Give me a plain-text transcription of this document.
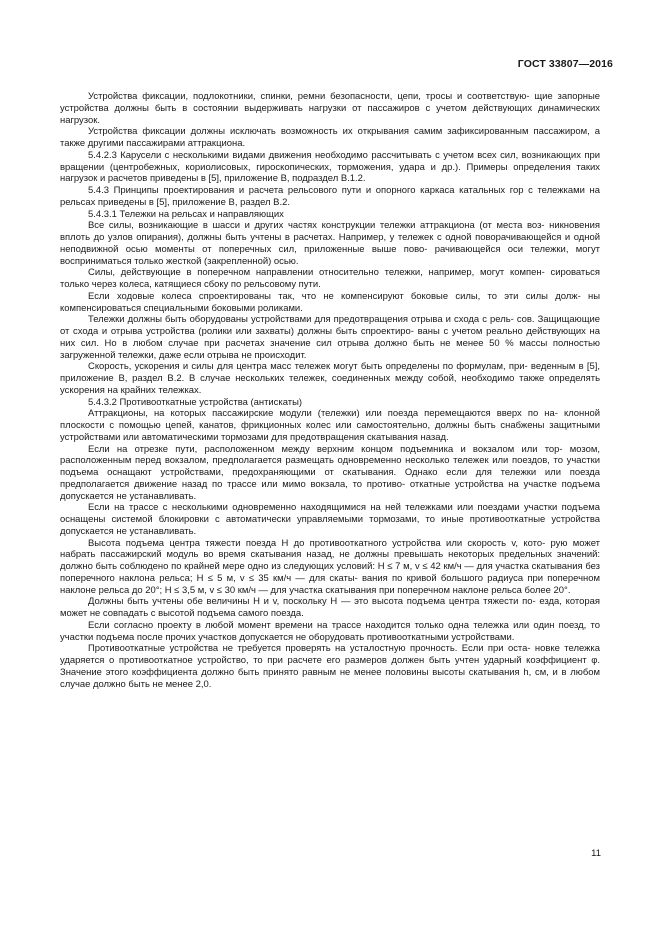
ГОСТ 33807—2016

Устройства фиксации, подлокотники, спинки, ремни безопасности, цепи, тросы и соответствую- щие запорные устройства должны быть в состоянии выдерживать нагрузки от пассажиров с учетом действующих динамических нагрузок.

Устройства фиксации должны исключать возможность их открывания самим зафиксированным пассажиром, а также другими пассажирами аттракциона.

5.4.2.3 Карусели с несколькими видами движения необходимо рассчитывать с учетом всех сил, возникающих при вращении (центробежных, кориолисовых, гироскопических, торможения, удара и др.). Примеры определения таких нагрузок и расчетов приведены в [5], приложение В, подраздел В.1.2.

5.4.3 Принципы проектирования и расчета рельсового пути и опорного каркаса катальных гор с тележками на рельсах приведены в [5], приложение В, раздел В.2.

5.4.3.1 Тележки на рельсах и направляющих

Все силы, возникающие в шасси и других частях конструкции тележки аттракциона (от места воз- никновения вплоть до узлов опирания), должны быть учтены в расчетах. Например, у тележек с одной поворачивающейся и одной неподвижной осью моменты от поперечных сил, приложенные выше пово- рачивающейся оси тележки, могут восприниматься только жесткой (закрепленной) осью.

Силы, действующие в поперечном направлении относительно тележки, например, могут компен- сироваться только через колеса, катящиеся сбоку по рельсовому пути.

Если ходовые колеса спроектированы так, что не компенсируют боковые силы, то эти силы долж- ны компенсироваться специальными боковыми роликами.

Тележки должны быть оборудованы устройствами для предотвращения отрыва и схода с рель- сов. Защищающие от схода и отрыва устройства (ролики или захваты) должны быть спроектиро- ваны с учетом реально действующих на них сил. Но в любом случае при расчетах значение сил отрыва должно быть не менее 50 % массы полностью загруженной тележки, даже если отрыва не происходит.

Скорость, ускорения и силы для центра масс тележек могут быть определены по формулам, при- веденным в [5], приложение В, раздел В.2. В случае нескольких тележек, соединенных между собой, необходимо также определять ускорения на крайних тележках.

5.4.3.2 Противооткатные устройства (антискаты)

Аттракционы, на которых пассажирские модули (тележки) или поезда перемещаются вверх по на- клонной плоскости с помощью цепей, канатов, фрикционных колес или самостоятельно, должны быть снабжены защитными устройствами или автоматическими тормозами для предотвращения скатывания назад.

Если на отрезке пути, расположенном между верхним концом подъемника и вокзалом или тор- мозом, расположенным перед вокзалом, предполагается размещать одновременно несколько тележек или поездов, то участки подъема оснащают устройствами, предохраняющими от скатывания. Однако если для тележки или поезда предполагается движение назад по трассе или мимо вокзала, то противо- откатные устройства на участке подъема допускается не устанавливать.

Если на трассе с несколькими одновременно находящимися на ней тележками или поездами участки подъема оснащены системой блокировки с автоматически управляемыми тормозами, то иные противооткатные устройства допускается не устанавливать.

Высота подъема центра тяжести поезда H до противооткатного устройства или скорость v, кото- рую может набрать пассажирский модуль во время скатывания назад, не должны превышать некоторых предельных значений: должно быть соблюдено по крайней мере одно из следующих условий: H ≤ 7 м, v ≤ 42 км/ч — для участка скатывания без поперечного наклона рельса; H ≤ 5 м, v ≤ 35 км/ч — для скаты- вания по кривой большого радиуса при поперечном наклоне рельса до 20°; H ≤ 3,5 м, v ≤ 30 км/ч — для участка скатывания при поперечном наклоне рельса более 20°.

Должны быть учтены обе величины H и v, поскольку H — это высота подъема центра тяжести по- езда, которая может не совпадать с высотой подъема самого поезда.

Если согласно проекту в любой момент времени на трассе находится только одна тележка или один поезд, то участки подъема после прочих участков допускается не оборудовать противооткатными устройствами.

Противооткатные устройства не требуется проверять на усталостную прочность. Если при оста- новке тележка ударяется о противооткатное устройство, то при расчете его размеров должен быть учтен ударный коэффициент φ. Значение этого коэффициента должно быть принято равным не менее половины высоты скатывания h, см, и в любом случае должно быть не менее 2,0.

11
